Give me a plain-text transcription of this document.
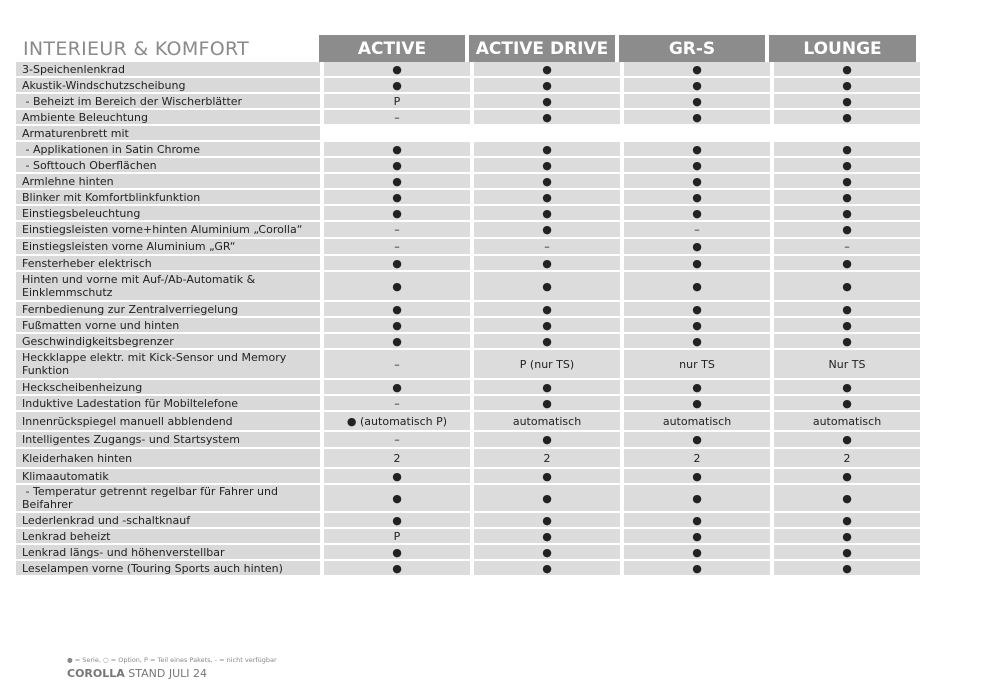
INTERIEUR & KOMFORT	ACTIVE	ACTIVE DRIVE	GR-S	LOUNGE
3-Speichenlenkrad	●	●	●	●
Akustik-Windschutzscheibung	●	●	●	●
- Beheizt im Bereich der Wischerblätter	P	●	●	●
Ambiente Beleuchtung	–	●	●	●
Armaturenbrett mit				
- Applikationen in Satin Chrome	●	●	●	●
- Softtouch Oberflächen	●	●	●	●
Armlehne hinten	●	●	●	●
Blinker mit Komfortblinkfunktion	●	●	●	●
Einstiegsbeleuchtung	●	●	●	●
Einstiegsleisten vorne+hinten Aluminium „Corolla“	–	●	–	●
Einstiegsleisten vorne Aluminium „GR“	–	–	●	–
Fensterheber elektrisch	●	●	●	●
Hinten und vorne mit Auf-/Ab-Automatik & Einklemmschutz	●	●	●	●
Fernbedienung zur Zentralverriegelung	●	●	●	●
Fußmatten vorne und hinten	●	●	●	●
Geschwindigkeitsbegrenzer	●	●	●	●
Heckklappe elektr. mit Kick-Sensor und Memory Funktion	–	P (nur TS)	nur TS	Nur TS
Heckscheibenheizung	●	●	●	●
Induktive Ladestation für Mobiltelefone	–	●	●	●
Innenrückspiegel manuell abblendend	● (automatisch P)	automatisch	automatisch	automatisch
Intelligentes Zugangs- und Startsystem	–	●	●	●
Kleiderhaken hinten	2	2	2	2
Klimaautomatik	●	●	●	●
- Temperatur getrennt regelbar für Fahrer und Beifahrer	●	●	●	●
Lederlenkrad und -schaltknauf	●	●	●	●
Lenkrad beheizt	P	●	●	●
Lenkrad längs- und höhenverstellbar	●	●	●	●
Leselampen vorne (Touring Sports auch hinten)	●	●	●	●
● = Serie, ○ = Option, P = Teil eines Pakets, - = nicht verfügbar
COROLLA STAND JULI 24
